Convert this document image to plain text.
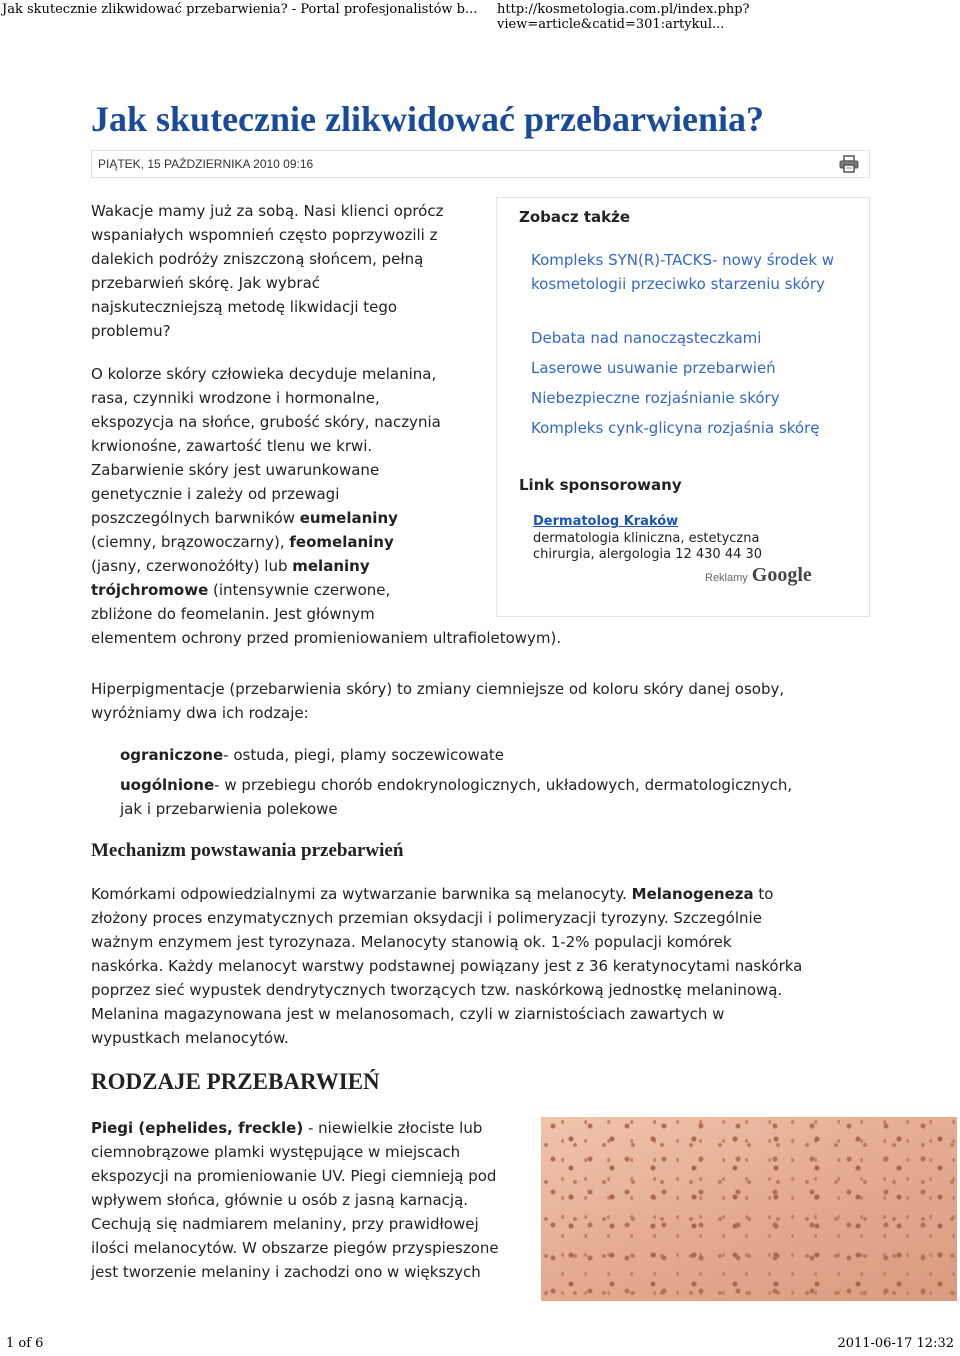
Jak skutecznie zlikwidować przebarwienia? - Portal profesjonalistów b... http://kosmetologia.com.pl/index.php?view=article&catid=301:artykul...
Jak skutecznie zlikwidować przebarwienia?
PIĄTEK, 15 PAŹDZIERNIKA 2010 09:16
Wakacje mamy już za sobą. Nasi klienci oprócz
wspaniałych wspomnień często poprzywozili z
dalekich podróży zniszczoną słońcem, pełną
przebarwień skórę. Jak wybrać
najskuteczniejszą metodę likwidacji tego
problemu?
O kolorze skóry człowieka decyduje melanina,
rasa, czynniki wrodzone i hormonalne,
ekspozycja na słońce, grubość skóry, naczynia
krwionośne, zawartość tlenu we krwi.
Zabarwienie skóry jest uwarunkowane
genetycznie i zależy od przewagi
poszczególnych barwników eumelaniny
(ciemny, brązowoczarny), feomelaniny
(jasny, czerwonożółty) lub melaniny
trójchromowe (intensywnie czerwone,
zbliżone do feomelanin. Jest głównym
elementem ochrony przed promieniowaniem ultrafioletowym).
Zobacz także
Kompleks SYN(R)-TACKS- nowy środek w kosmetologii przeciwko starzeniu skóry
Debata nad nanocząsteczkami
Laserowe usuwanie przebarwień
Niebezpieczne rozjaśnianie skóry
Kompleks cynk-glicyna rozjaśnia skórę
Link sponsorowany
Dermatolog Kraków
dermatologia kliniczna, estetyczna chirurgia, alergologia 12 430 44 30
Reklamy Google
Hiperpigmentacje (przebarwienia skóry) to zmiany ciemniejsze od koloru skóry danej osoby,
wyróżniamy dwa ich rodzaje:
ograniczone- ostuda, piegi, plamy soczewicowate
uogólnione- w przebiegu chorób endokrynologicznych, układowych, dermatologicznych,
jak i przebarwienia polekowe
Mechanizm powstawania przebarwień
Komórkami odpowiedzialnymi za wytwarzanie barwnika są melanocyty. Melanogeneza to
złożony proces enzymatycznych przemian oksydacji i polimeryzacji tyrozyny. Szczególnie
ważnym enzymem jest tyrozynaza. Melanocyty stanowią ok. 1-2% populacji komórek
naskórka. Każdy melanocyt warstwy podstawnej powiązany jest z 36 keratynocytami naskórka
poprzez sieć wypustek dendrytycznych tworzących tzw. naskórkową jednostkę melaninową.
Melanina magazynowana jest w melanosomach, czyli w ziarnistościach zawartych w
wypustkach melanocytów.
RODZAJE PRZEBARWIEŃ
Piegi (ephelides, freckle) - niewielkie złociste lub
ciemnobrązowe plamki występujące w miejscach
ekspozycji na promieniowanie UV. Piegi ciemnieją pod
wpływem słońca, głównie u osób z jasną karnacją.
Cechują się nadmiarem melaniny, przy prawidłowej
ilości melanocytów. W obszarze piegów przyspieszone
jest tworzenie melaniny i zachodzi ono w większych
1 of 6	2011-06-17 12:32
